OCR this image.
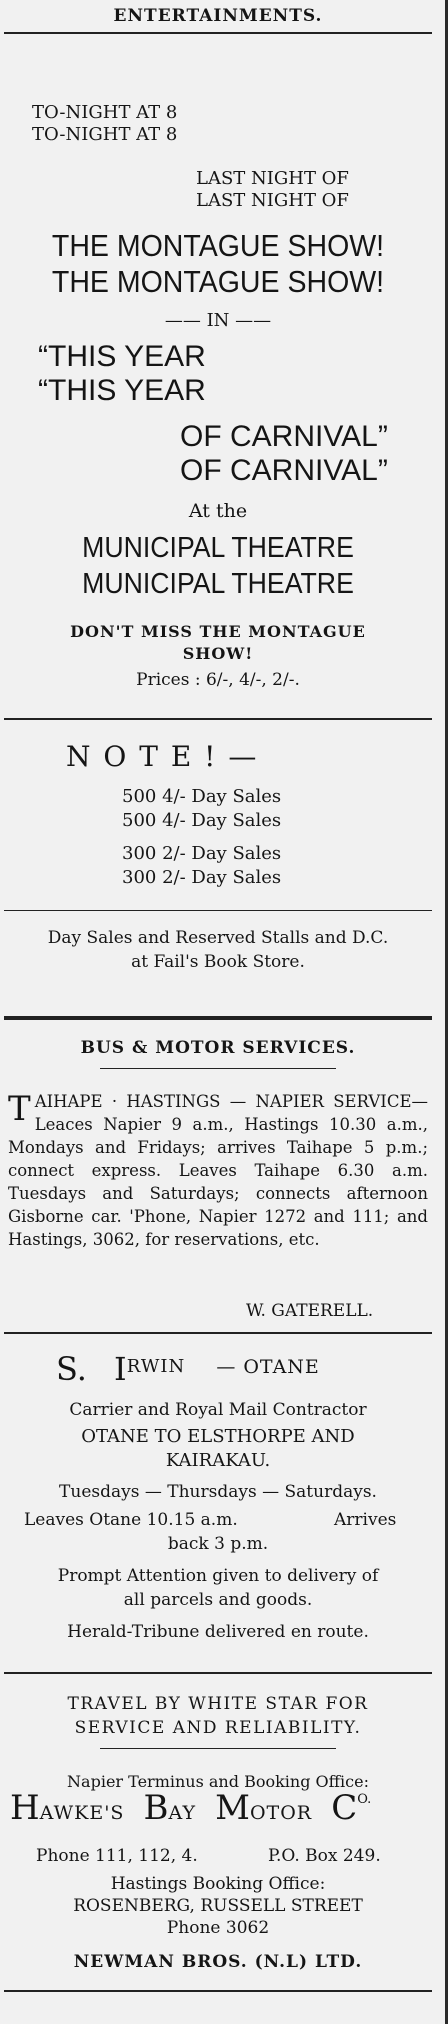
ENTERTAINMENTS.
TO-NIGHT AT 8
TO-NIGHT AT 8
LAST NIGHT OF
LAST NIGHT OF
THE MONTAGUE SHOW!
THE MONTAGUE SHOW!
—— IN ——
“THIS YEAR
“THIS YEAR
OF CARNIVAL”
OF CARNIVAL”
At the
MUNICIPAL THEATRE
MUNICIPAL THEATRE
DON'T MISS THE MONTAGUE
SHOW!
Prices : 6/-, 4/-, 2/-.
N O T E ! —
500 4/- Day Sales
500 4/- Day Sales
300 2/- Day Sales
300 2/- Day Sales
Day Sales and Reserved Stalls and D.C.
at Fail's Book Store.
BUS & MOTOR SERVICES.
TAIHAPE · HASTINGS — NAPIER SERVICE—Leaces Napier 9 a.m., Hastings 10.30 a.m., Mondays and Fridays; arrives Taihape 5 p.m.; connect express. Leaves Taihape 6.30 a.m. Tuesdays and Saturdays; connects afternoon Gisborne car. 'Phone, Napier 1272 and 111; and Hastings, 3062, for reservations, etc.
W. GATERELL.
S. IRWIN — OTANE
Carrier and Royal Mail Contractor
OTANE TO ELSTHORPE AND
KAIRAKAU.
Tuesdays — Thursdays — Saturdays.
Leaves Otane 10.15 a.m.	Arrives
back 3 p.m.
Prompt Attention given to delivery of
all parcels and goods.
Herald-Tribune delivered en route.
TRAVEL BY WHITE STAR FOR
SERVICE AND RELIABILITY.
Napier Terminus and Booking Office:
HAWKE'S BAY MOTOR $C^{O.}$
Phone 111, 112, 4.	P.O. Box 249.
Hastings Booking Office:
ROSENBERG, RUSSELL STREET
Phone 3062
NEWMAN BROS. (N.L) LTD.
